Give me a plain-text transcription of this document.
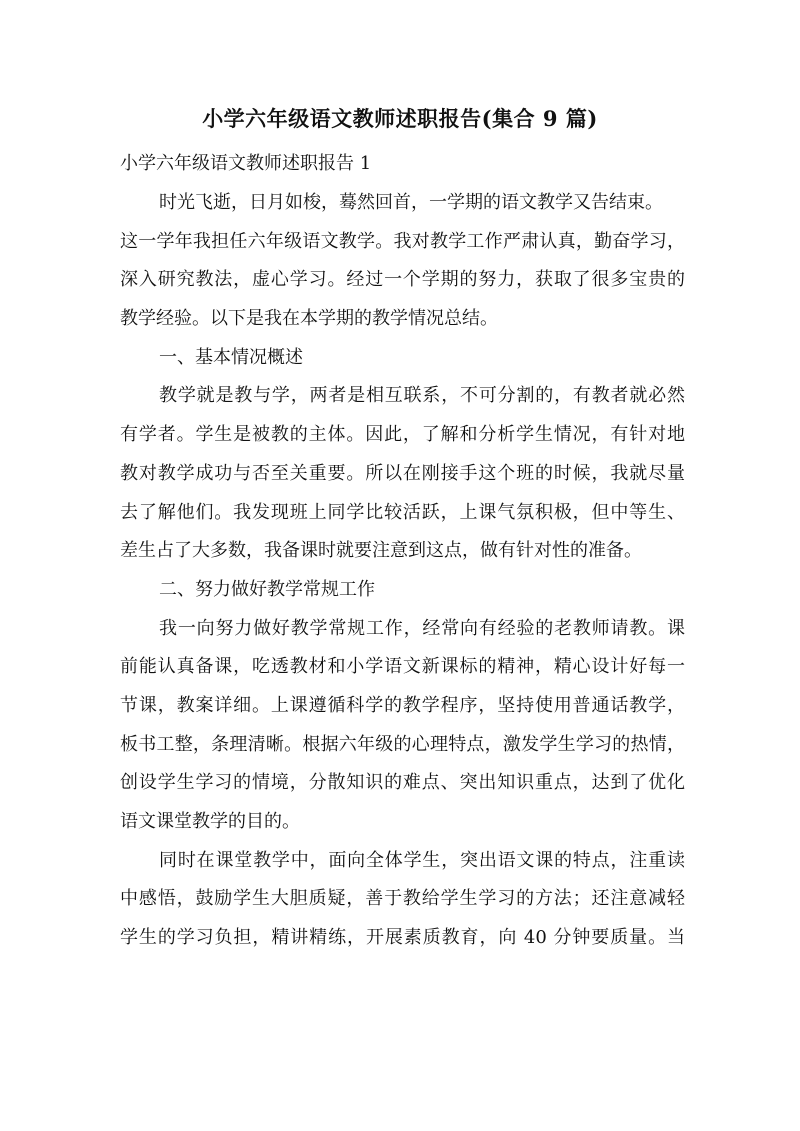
小学六年级语文教师述职报告(集合 9 篇)
小学六年级语文教师述职报告 1
时光飞逝，日月如梭，蓦然回首，一学期的语文教学又告结束。
这一学年我担任六年级语文教学。我对教学工作严肃认真，勤奋学习，
深入研究教法，虚心学习。经过一个学期的努力，获取了很多宝贵的
教学经验。以下是我在本学期的教学情况总结。
一、基本情况概述
教学就是教与学，两者是相互联系，不可分割的，有教者就必然
有学者。学生是被教的主体。因此，了解和分析学生情况，有针对地
教对教学成功与否至关重要。所以在刚接手这个班的时候，我就尽量
去了解他们。我发现班上同学比较活跃，上课气氛积极，但中等生、
差生占了大多数，我备课时就要注意到这点，做有针对性的准备。
二、努力做好教学常规工作
我一向努力做好教学常规工作，经常向有经验的老教师请教。课
前能认真备课，吃透教材和小学语文新课标的精神，精心设计好每一
节课，教案详细。上课遵循科学的教学程序，坚持使用普通话教学，
板书工整，条理清晰。根据六年级的心理特点，激发学生学习的热情，
创设学生学习的情境，分散知识的难点、突出知识重点，达到了优化
语文课堂教学的目的。
同时在课堂教学中，面向全体学生，突出语文课的特点，注重读
中感悟，鼓励学生大胆质疑，善于教给学生学习的方法；还注意减轻
学生的学习负担，精讲精练，开展素质教育，向 40 分钟要质量。当
